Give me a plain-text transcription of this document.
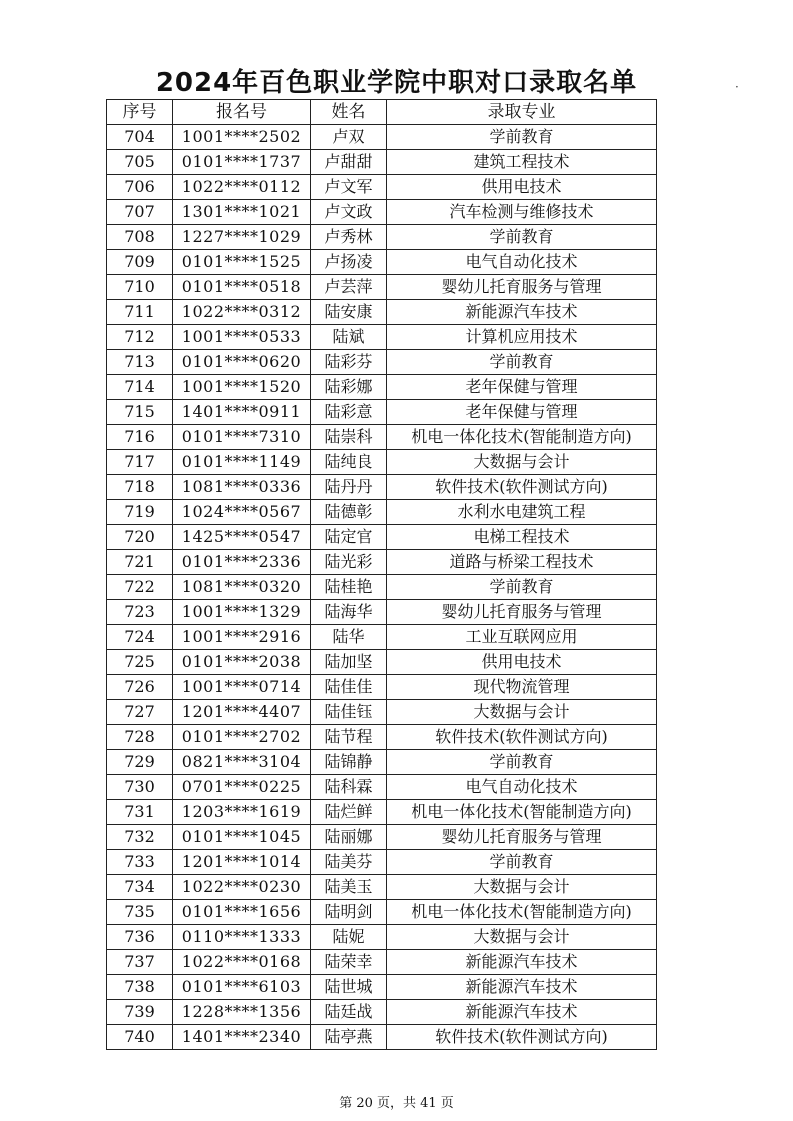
2024年百色职业学院中职对口录取名单	·
序号	报名号	姓名	录取专业
704	1001****2502	卢双	学前教育
705	0101****1737	卢甜甜	建筑工程技术
706	1022****0112	卢文军	供用电技术
707	1301****1021	卢文政	汽车检测与维修技术
708	1227****1029	卢秀林	学前教育
709	0101****1525	卢扬凌	电气自动化技术
710	0101****0518	卢芸萍	婴幼儿托育服务与管理
711	1022****0312	陆安康	新能源汽车技术
712	1001****0533	陆斌	计算机应用技术
713	0101****0620	陆彩芬	学前教育
714	1001****1520	陆彩娜	老年保健与管理
715	1401****0911	陆彩意	老年保健与管理
716	0101****7310	陆崇科	机电一体化技术(智能制造方向)
717	0101****1149	陆纯良	大数据与会计
718	1081****0336	陆丹丹	软件技术(软件测试方向)
719	1024****0567	陆德彰	水利水电建筑工程
720	1425****0547	陆定官	电梯工程技术
721	0101****2336	陆光彩	道路与桥梁工程技术
722	1081****0320	陆桂艳	学前教育
723	1001****1329	陆海华	婴幼儿托育服务与管理
724	1001****2916	陆华	工业互联网应用
725	0101****2038	陆加坚	供用电技术
726	1001****0714	陆佳佳	现代物流管理
727	1201****4407	陆佳钰	大数据与会计
728	0101****2702	陆节程	软件技术(软件测试方向)
729	0821****3104	陆锦静	学前教育
730	0701****0225	陆科霖	电气自动化技术
731	1203****1619	陆烂鲜	机电一体化技术(智能制造方向)
732	0101****1045	陆丽娜	婴幼儿托育服务与管理
733	1201****1014	陆美芬	学前教育
734	1022****0230	陆美玉	大数据与会计
735	0101****1656	陆明剑	机电一体化技术(智能制造方向)
736	0110****1333	陆妮	大数据与会计
737	1022****0168	陆荣幸	新能源汽车技术
738	0101****6103	陆世城	新能源汽车技术
739	1228****1356	陆廷战	新能源汽车技术
740	1401****2340	陆亭燕	软件技术(软件测试方向)
第 20 页，共 41 页
